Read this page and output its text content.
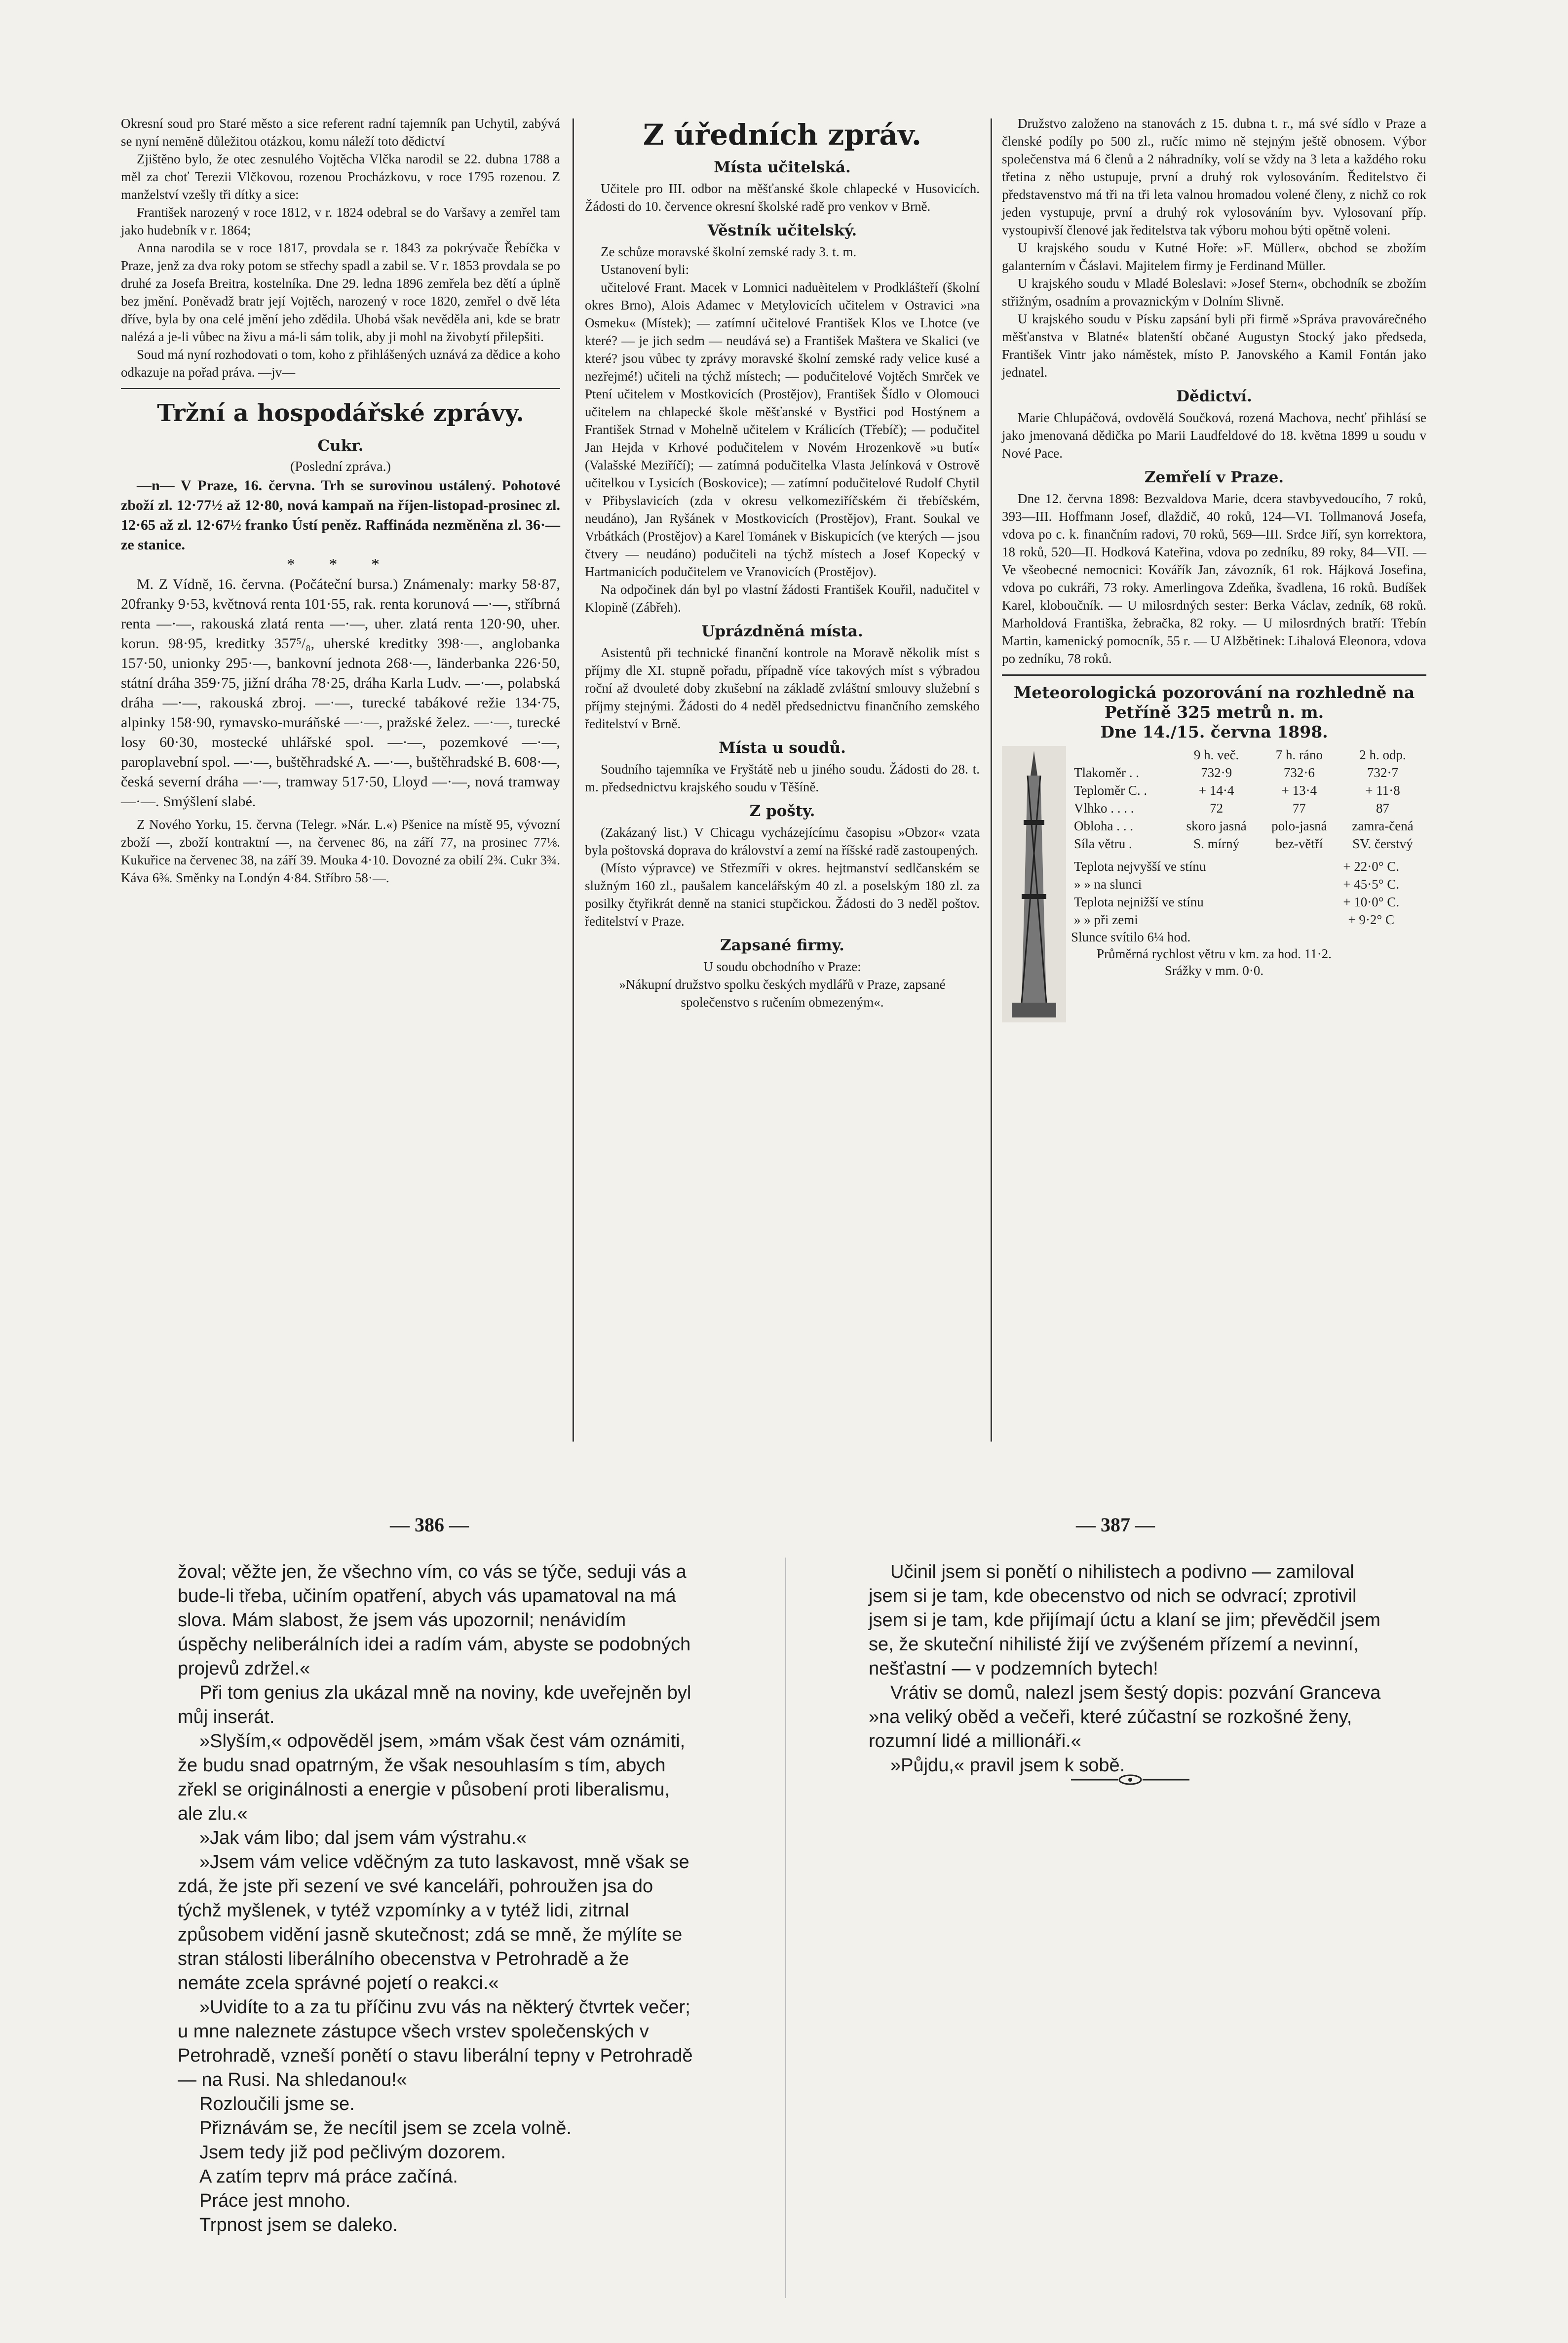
Okresní soud pro Staré město a sice referent radní tajemník pan Uchytil, zabývá se nyní nemĕnĕ důležitou otázkou, komu náleží toto dědictví

Zjištěno bylo, že otec zesnulého Vojtěcha Vlčka narodil se 22. dubna 1788 a měl za choť Terezii Vlčkovou, rozenou Procházkovu, v roce 1795 rozenou. Z manželství vzešly tři dítky a sice:

František narozený v roce 1812, v r. 1824 odebral se do Varšavy a zemřel tam jako hudebník v r. 1864;

Anna narodila se v roce 1817, provdala se r. 1843 za pokrývače Řebíčka v Praze, jenž za dva roky potom se střechy spadl a zabil se. V r. 1853 provdala se po druhé za Josefa Breitra, kostelníka. Dne 29. ledna 1896 zemřela bez dětí a úplně bez jmění. Poněvadž bratr její Vojtěch, narozený v roce 1820, zemřel o dvě léta dříve, byla by ona celé jmění jeho zdědila. Uhobá však nevěděla ani, kde se bratr nalézá a je-li vůbec na živu a má-li sám tolik, aby ji mohl na živobytí přilepšiti.

Soud má nyní rozhodovati o tom, koho z přihlášených uznává za dědice a koho odkazuje na pořad práva. —jv—

Tržní a hospodářské zprávy.
Cukr.
(Poslední zpráva.)

—n— V Praze, 16. června. Trh se surovinou ustálený. Pohotové zboží zl. 12·77½ až 12·80, nová kampaň na říjen-listopad-prosinec zl. 12·65 až zl. 12·67½ franko Ústí peněz. Raffináda nezměněna zl. 36·— ze stanice.

* * *

M. Z Vídně, 16. června. (Počáteční bursa.) Známenaly: marky 58·87, 20franky 9·53, květnová renta 101·55, rak. renta korunová —·—, stříbrná renta —·—, rakouská zlatá renta —·—, uher. zlatá renta 120·90, uher. korun. 98·95, kreditky 357⁵/₈, uherské kreditky 398·—, anglobanka 157·50, unionky 295·—, bankovní jednota 268·—, länderbanka 226·50, státní dráha 359·75, jižní dráha 78·25, dráha Karla Ludv. —·—, polabská dráha —·—, rakouská zbroj. —·—, turecké tabákové režie 134·75, alpinky 158·90, rymavsko-muráňské —·—, pražské želez. —·—, turecké losy 60·30, mostecké uhlářské spol. —·—, pozemkové —·—, paroplavební spol. —·—, buštěhradské A. —·—, buštěhradské B. 608·—, česká severní dráha —·—, tramway 517·50, Lloyd —·—, nová tramway —·—. Smýšlení slabé.

Z Nového Yorku, 15. června (Telegr. »Nár. L.«) Pšenice na místě 95, vývozní zboží —, zboží kontraktní —, na červenec 86, na září 77, na prosinec 77⅛. Kukuřice na červenec 38, na září 39. Mouka 4·10. Dovozné za obilí 2¾. Cukr 3¾. Káva 6⅜. Směnky na Londýn 4·84. Stříbro 58·—.

Z úředních zpráv.
Místa učitelská.

Učitele pro III. odbor na měšťanské škole chlapecké v Husovicích. Žádosti do 10. července okresní školské radě pro venkov v Brně.

Věstník učitelský.

Ze schůze moravské školní zemské rady 3. t. m.

Ustanovení byli:

učitelové Frant. Macek v Lomnici naduèitelem v Prodklášteří (školní okres Brno), Alois Adamec v Metylovicích učitelem v Ostravici »na Osmeku« (Místek); — zatímní učitelové František Klos ve Lhotce (ve které? — je jich sedm — neudává se) a František Maštera ve Skalici (ve které? jsou vůbec ty zprávy moravské školní zemské rady velice kusé a nezřejmé!) učiteli na týchž místech; — podučitelové Vojtěch Smrček ve Ptení učitelem v Mostkovicích (Prostějov), František Šídlo v Olomouci učitelem na chlapecké škole měšťanské v Bystřici pod Hostýnem a František Strnad v Mohelně učitelem v Králicích (Třebíč); — podučitel Jan Hejda v Krhové podučitelem v Novém Hrozenkově »u butí« (Valašské Meziříčí); — zatímná podučitelka Vlasta Jelínková v Ostrově učitelkou v Lysicích (Boskovice); — zatímní podučitelové Rudolf Chytil v Přibyslavicích (zda v okresu velkomeziříčském či třebíčském, neudáno), Jan Ryšánek v Mostkovicích (Prostějov), Frant. Soukal ve Vrbátkách (Prostějov) a Karel Tománek v Biskupicích (ve kterých — jsou čtvery — neudáno) podučiteli na týchž místech a Josef Kopecký v Hartmanicích podučitelem ve Vranovicích (Prostějov).

Na odpočinek dán byl po vlastní žádosti František Kouřil, nadučitel v Klopině (Zábřeh).

Uprázdněná místa.

Asistentů při technické finanční kontrole na Moravě několik míst s příjmy dle XI. stupně pořadu, případně více takových míst s výbradou roční až dvouleté doby zkušební na základě zvláštní smlouvy služební s příjmy stejnými. Žádosti do 4 neděl předsednictvu finančního zemského ředitelství v Brně.

Místa u soudů.

Soudního tajemníka ve Fryštátě neb u jiného soudu. Žádosti do 28. t. m. předsednictvu krajského soudu v Těšíně.

Z pošty.

(Zakázaný list.) V Chicagu vycházejícímu časopisu »Obzor« vzata byla poštovská doprava do království a zemí na říšské radě zastoupených.

(Místo výpravce) ve Střezmíři v okres. hejtmanství sedlčanském se služným 160 zl., paušalem kancelářským 40 zl. a poselským 180 zl. za posilky čtyřikrát denně na stanici stupčickou. Žádosti do 3 neděl poštov. ředitelství v Praze.

Zapsané firmy.

U soudu obchodního v Praze:

»Nákupní družstvo spolku českých mydlářů v Praze, zapsané společenstvo s ručením obmezeným«.

Družstvo založeno na stanovách z 15. dubna t. r., má své sídlo v Praze a členské podíly po 500 zl., ručíc mimo ně stejným ještě obnosem. Výbor společenstva má 6 členů a 2 náhradníky, volí se vždy na 3 leta a každého roku třetina z něho ustupuje, první a druhý rok vylosováním. Ředitelstvo či představenstvo má tři na tři leta valnou hromadou volené členy, z nichž co rok jeden vystupuje, první a druhý rok vylosováním byv. Vylosovaní příp. vystoupivší členové jak ředitelstva tak výboru mohou býti opětně voleni.

U krajského soudu v Kutné Hoře: »F. Müller«, obchod se zbožím galanterním v Čáslavi. Majitelem firmy je Ferdinand Müller.

U krajského soudu v Mladé Boleslavi: »Josef Stern«, obchodník se zbožím střižným, osadním a provaznickým v Dolním Slivně.

U krajského soudu v Písku zapsání byli při firmě »Správa pravovárečného měšťanstva v Blatné« blatenští občané Augustyn Stocký jako předseda, František Vintr jako náměstek, místo P. Janovského a Kamil Fontán jako jednatel.

Dědictví.

Marie Chlupáčová, ovdovělá Součková, rozená Machova, nechť přihlásí se jako jmenovaná dědička po Marii Laudfeldové do 18. května 1899 u soudu v Nové Pace.

Zemřelí v Praze.

Dne 12. června 1898: Bezvaldova Marie, dcera stavbyvedoucího, 7 roků, 393—III. Hoffmann Josef, dlaždič, 40 roků, 124—VI. Tollmanová Josefa, vdova po c. k. finančním radovi, 70 roků, 569—III. Srdce Jiří, syn korrektora, 18 roků, 520—II. Hodková Kateřina, vdova po zedníku, 89 roky, 84—VII. — Ve všeobecné nemocnici: Kovářík Jan, závozník, 61 rok. Hájková Josefina, vdova po cukráři, 73 roky. Amerlingova Zdeňka, švadlena, 16 roků. Budíšek Karel, kloboučník. — U milosrdných sester: Berka Václav, zedník, 68 roků. Marholdová Františka, žebračka, 82 roky. — U milosrdných bratří: Třebín Martin, kamenický pomocník, 55 r. — U Alžbětinek: Lihalová Eleonora, vdova po zedníku, 78 roků.

Meteorologická pozorování na rozhledně na Petříně 325 metrů n. m.
Dne 14./15. června 1898.
	9 h. več.	7 h. ráno	2 h. odp.
Tlakoměr . .	732·9	732·6	732·7
Teploměr C. .	+ 14·4	+ 13·4	+ 11·8
Vlhko . . . .	72	77	87
Obloha . . .	skoro jasná	polo-jasná	zamra-čená
Síla větru .	S. mírný	bez-větří	SV. čerstvý
Teplota nejvyšší ve stínu	+ 22·0° C.
» » na slunci	+ 45·5° C.
Teplota nejnižší ve stínu	+ 10·0° C.
» » při zemi	+ 9·2° C
Slunce svítilo 6¼ hod.
Průměrná rychlost větru v km. za hod. 11·2.
Srážky v mm. 0·0.
— 386 —	— 387 —

žoval; věžte jen, že všechno vím, co vás se týče, seduji vás a bude-li třeba, učiním opatření, abych vás upamatoval na má slova. Mám slabost, že jsem vás upozornil; nenávidím úspěchy neliberálních idei a radím vám, abyste se podobných projevů zdržel.«

Při tom genius zla ukázal mně na noviny, kde uveřejněn byl můj inserát.

»Slyším,« odpověděl jsem, »mám však čest vám oznámiti, že budu snad opatrným, že však nesouhlasím s tím, abych zřekl se originálnosti a energie v působení proti liberalismu, ale zlu.«

»Jak vám libo; dal jsem vám výstrahu.«

»Jsem vám velice vděčným za tuto laskavost, mně však se zdá, že jste při sezení ve své kanceláři, pohroužen jsa do týchž myšlenek, v tytéž vzpomínky a v tytéž lidi, zitrnal způsobem vidění jasně skutečnost; zdá se mně, že mýlíte se stran stálosti liberálního obecenstva v Petrohradě a že nemáte zcela správné pojetí o reakci.«

»Uvidíte to a za tu příčinu zvu vás na některý čtvrtek večer; u mne naleznete zástupce všech vrstev společenských v Petrohradě, vzneší ponětí o stavu liberální tepny v Petrohradě — na Rusi. Na shledanou!«

Rozloučili jsme se.

Přiznávám se, že necítil jsem se zcela volně.

Jsem tedy již pod pečlivým dozorem.

A zatím teprv má práce začíná.

Práce jest mnoho.

Trpnost jsem se daleko.

Učinil jsem si ponětí o nihilistech a podivno — zamiloval jsem si je tam, kde obecenstvo od nich se odvrací; zprotivil jsem si je tam, kde přijímají úctu a klaní se jim; převědčil jsem se, že skuteční nihilisté žijí ve zvýšeném přízemí a nevinní, nešťastní — v podzemních bytech!

Vrátiv se domů, nalezl jsem šestý dopis: pozvání Granceva »na veliký oběd a večeři, které zúčastní se rozkošné ženy, rozumní lidé a millionáři.«

»Půjdu,« pravil jsem k sobě.
